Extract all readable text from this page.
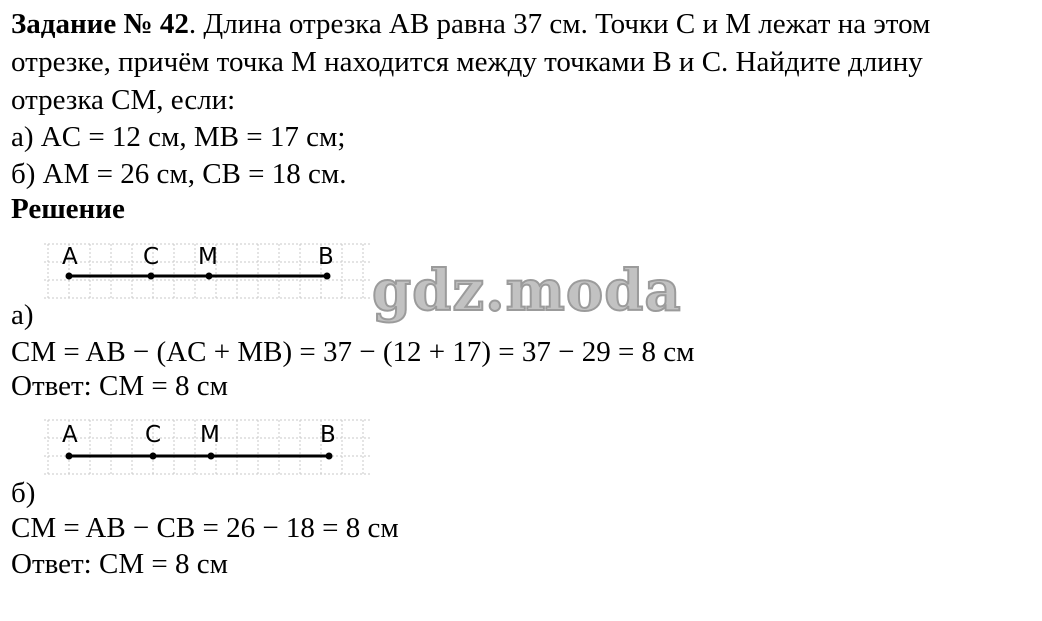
Задание № 42. Длина отрезка AB равна 37 см. Точки C и M лежат на этом
отрезке, причём точка M находится между точками B и C. Найдите длину
отрезка CM, если:
а) AC = 12 см, MB = 17 см;
б) AM = 26 см, CB = 18 см.
Решение
A	C M	B
gdz.moda
а)
CM = AB − (AC + MB) = 37 − (12 + 17) = 37 − 29 = 8 см
Ответ: CM = 8 см
A	C M	B
б)
CM = AB − CB = 26 − 18 = 8 см
Ответ: CM = 8 см
